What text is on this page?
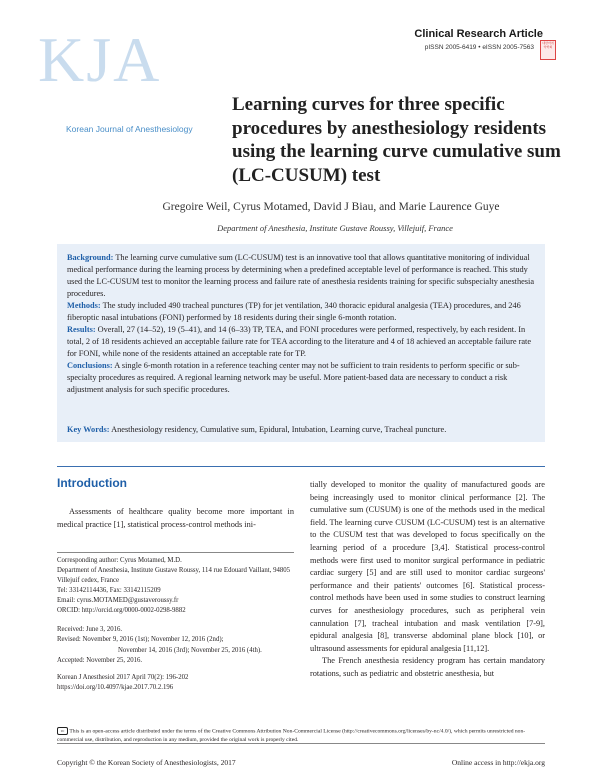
KJA
Korean Journal of Anesthesiology
Clinical Research Article
pISSN 2005-6419 • eISSN 2005-7563
대한마취약학회
Learning curves for three specific procedures by anesthesiology residents using the learning curve cumulative sum (LC-CUSUM) test
Gregoire Weil, Cyrus Motamed, David J Biau, and Marie Laurence Guye
Department of Anesthesia, Institute Gustave Roussy, Villejuif, France

Background: The learning curve cumulative sum (LC-CUSUM) test is an innovative tool that allows quantitative monitoring of individual medical performance during the learning process by determining when a predefined acceptable level of performance is reached. This study used the LC-CUSUM test to monitor the learning process and failure rate of anesthesia residents training for specific subspecialty anesthesia procedures.

Methods: The study included 490 tracheal punctures (TP) for jet ventilation, 340 thoracic epidural analgesia (TEA) procedures, and 246 fiberoptic nasal intubations (FONI) performed by 18 residents during their single 6-month rotation.

Results: Overall, 27 (14–52), 19 (5–41), and 14 (6–33) TP, TEA, and FONI procedures were performed, respectively, by each resident. In total, 2 of 18 residents achieved an acceptable failure rate for TEA according to the literature and 4 of 18 achieved an acceptable failure rate for FONI, while none of the residents attained an acceptable rate for TP.

Conclusions: A single 6-month rotation in a reference teaching center may not be sufficient to train residents to perform specific or sub-specialty procedures as required. A regional learning network may be useful. More patient-based data are necessary to conduct a risk adjustment analysis for such specific procedures.

Key Words: Anesthesiology residency, Cumulative sum, Epidural, Intubation, Learning curve, Tracheal puncture.
Introduction

Assessments of healthcare quality become more important in medical practice [1], statistical process-control methods ini-

tially developed to monitor the quality of manufactured goods are being increasingly used to monitor clinical performance [2]. The cumulative sum (CUSUM) is one of the methods used in the medical field. The learning curve CUSUM (LC-CUSUM) test is an alternative to the CUSUM test that was developed to focus specifically on the learning period of a procedure [3,4]. Statistical process-control methods were first used to monitor surgical performance in pediatric cardiac surgery [5] and are still used to monitor cardiac surgeons' performance and their patients' outcomes [6]. Statistical process-control methods have been used in some studies to construct learning curves for anesthesiology procedures, such as peripheral vein cannulation [7], tracheal intubation and mask ventilation [7-9], epidural analgesia [8], transverse abdominal plane block [10], or ultrasound assessments for epidural analgesia [11,12].

The French anesthesia residency program has certain mandatory rotations, such as pediatric and obstetric anesthesia, but

Corresponding author: Cyrus Motamed, M.D.

Department of Anesthesia, Institute Gustave Roussy, 114 rue Edouard Vaillant, 94805 Villejuif cedex, France

Tel: 33142114436, Fax: 33142115209

Email: cyrus.MOTAMED@gustaveroussy.fr

ORCID: http://orcid.org/0000-0002-0298-9882

Received: June 3, 2016.

Revised: November 9, 2016 (1st); November 12, 2016 (2nd);

November 14, 2016 (3rd); November 25, 2016 (4th).

Accepted: November 25, 2016.

Korean J Anesthesiol 2017 April 70(2): 196-202

https://doi.org/10.4097/kjae.2017.70.2.196

cc This is an open-access article distributed under the terms of the Creative Commons Attribution Non-Commercial License (http://creativecommons.org/licenses/by-nc/4.0/), which permits unrestricted non-commercial use, distribution, and reproduction in any medium, provided the original work is properly cited.

Copyright © the Korean Society of Anesthesiologists, 2017	Online access in http://ekja.org
